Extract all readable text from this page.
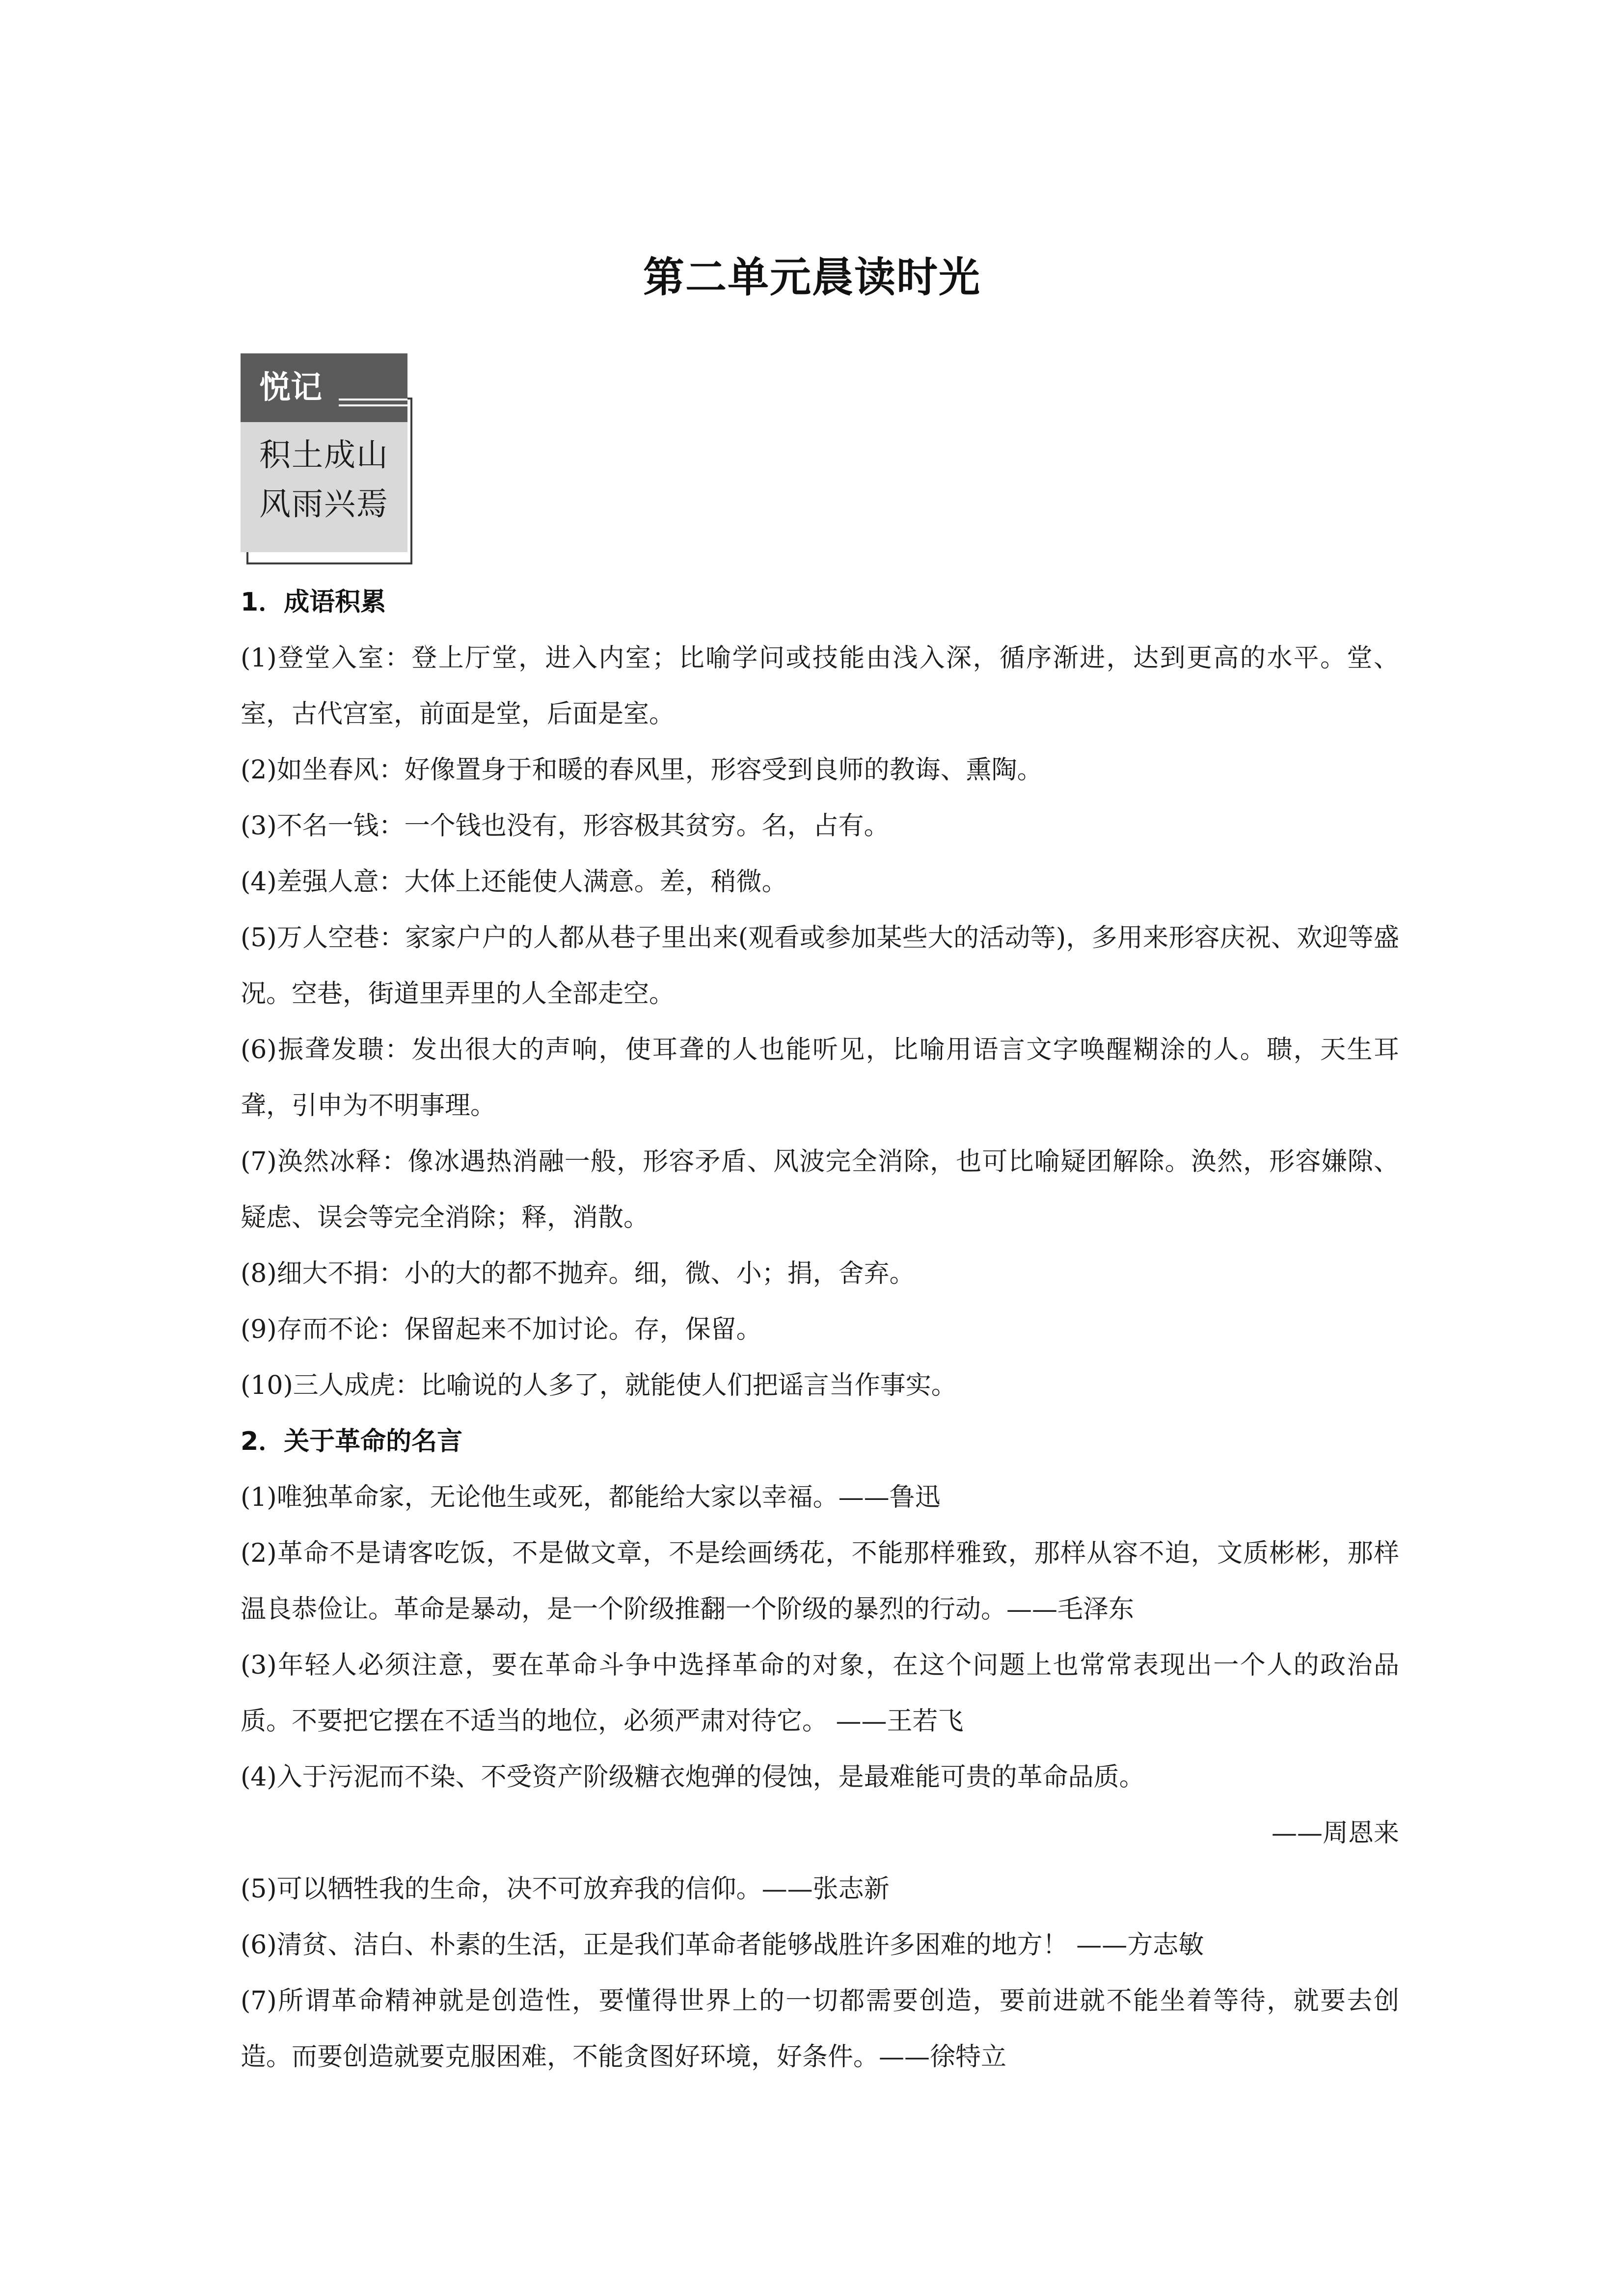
第二单元晨读时光
悦记
积土成山
风雨兴焉
1．成语积累

(1)登堂入室：登上厅堂，进入内室；比喻学问或技能由浅入深，循序渐进，达到更高的水平。堂、室，古代宫室，前面是堂，后面是室。

(2)如坐春风：好像置身于和暖的春风里，形容受到良师的教诲、熏陶。

(3)不名一钱：一个钱也没有，形容极其贫穷。名，占有。

(4)差强人意：大体上还能使人满意。差，稍微。

(5)万人空巷：家家户户的人都从巷子里出来(观看或参加某些大的活动等)，多用来形容庆祝、欢迎等盛况。空巷，街道里弄里的人全部走空。

(6)振聋发聩：发出很大的声响，使耳聋的人也能听见，比喻用语言文字唤醒糊涂的人。聩，天生耳聋，引申为不明事理。

(7)涣然冰释：像冰遇热消融一般，形容矛盾、风波完全消除，也可比喻疑团解除。涣然，形容嫌隙、疑虑、误会等完全消除；释，消散。

(8)细大不捐：小的大的都不抛弃。细，微、小；捐，舍弃。

(9)存而不论：保留起来不加讨论。存，保留。

(10)三人成虎：比喻说的人多了，就能使人们把谣言当作事实。

2．关于革命的名言

(1)唯独革命家，无论他生或死，都能给大家以幸福。——鲁迅

(2)革命不是请客吃饭，不是做文章，不是绘画绣花，不能那样雅致，那样从容不迫，文质彬彬，那样温良恭俭让。革命是暴动，是一个阶级推翻一个阶级的暴烈的行动。——毛泽东

(3)年轻人必须注意，要在革命斗争中选择革命的对象，在这个问题上也常常表现出一个人的政治品质。不要把它摆在不适当的地位，必须严肃对待它。 ——王若飞

(4)入于污泥而不染、不受资产阶级糖衣炮弹的侵蚀，是最难能可贵的革命品质。

——周恩来

(5)可以牺牲我的生命，决不可放弃我的信仰。——张志新

(6)清贫、洁白、朴素的生活，正是我们革命者能够战胜许多困难的地方！ ——方志敏

(7)所谓革命精神就是创造性，要懂得世界上的一切都需要创造，要前进就不能坐着等待，就要去创造。而要创造就要克服困难，不能贪图好环境，好条件。——徐特立
